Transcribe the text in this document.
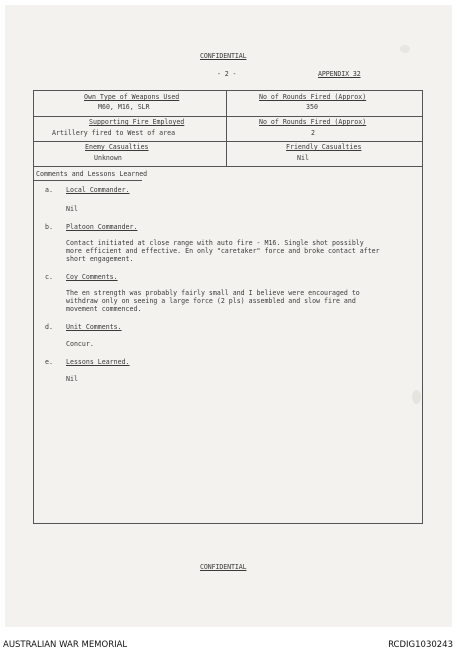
CONFIDENTIAL
- 2 -	APPENDIX 32
Own Type of Weapons Used
M60, M16, SLR
No of Rounds Fired (Approx)
350
Supporting Fire Employed
Artillery fired to West of area
No of Rounds Fired (Approx)
2
Enemy Casualties
Unknown
Friendly Casualties
Nil
Comments and Lessons Learned
a. Local Commander.
Nil
b. Platoon Commander.
Contact initiated at close range with auto fire - M16. Single shot possibly
more efficient and effective. En only "caretaker" force and broke contact after
short engagement.
c. Coy Comments.
The en strength was probably fairly small and I believe were encouraged to
withdraw only on seeing a large force (2 pls) assembled and slow fire and
movement commenced.
d. Unit Comments.
Concur.
e. Lessons Learned.
Nil
CONFIDENTIAL
AUSTRALIAN WAR MEMORIAL	RCDIG1030243
